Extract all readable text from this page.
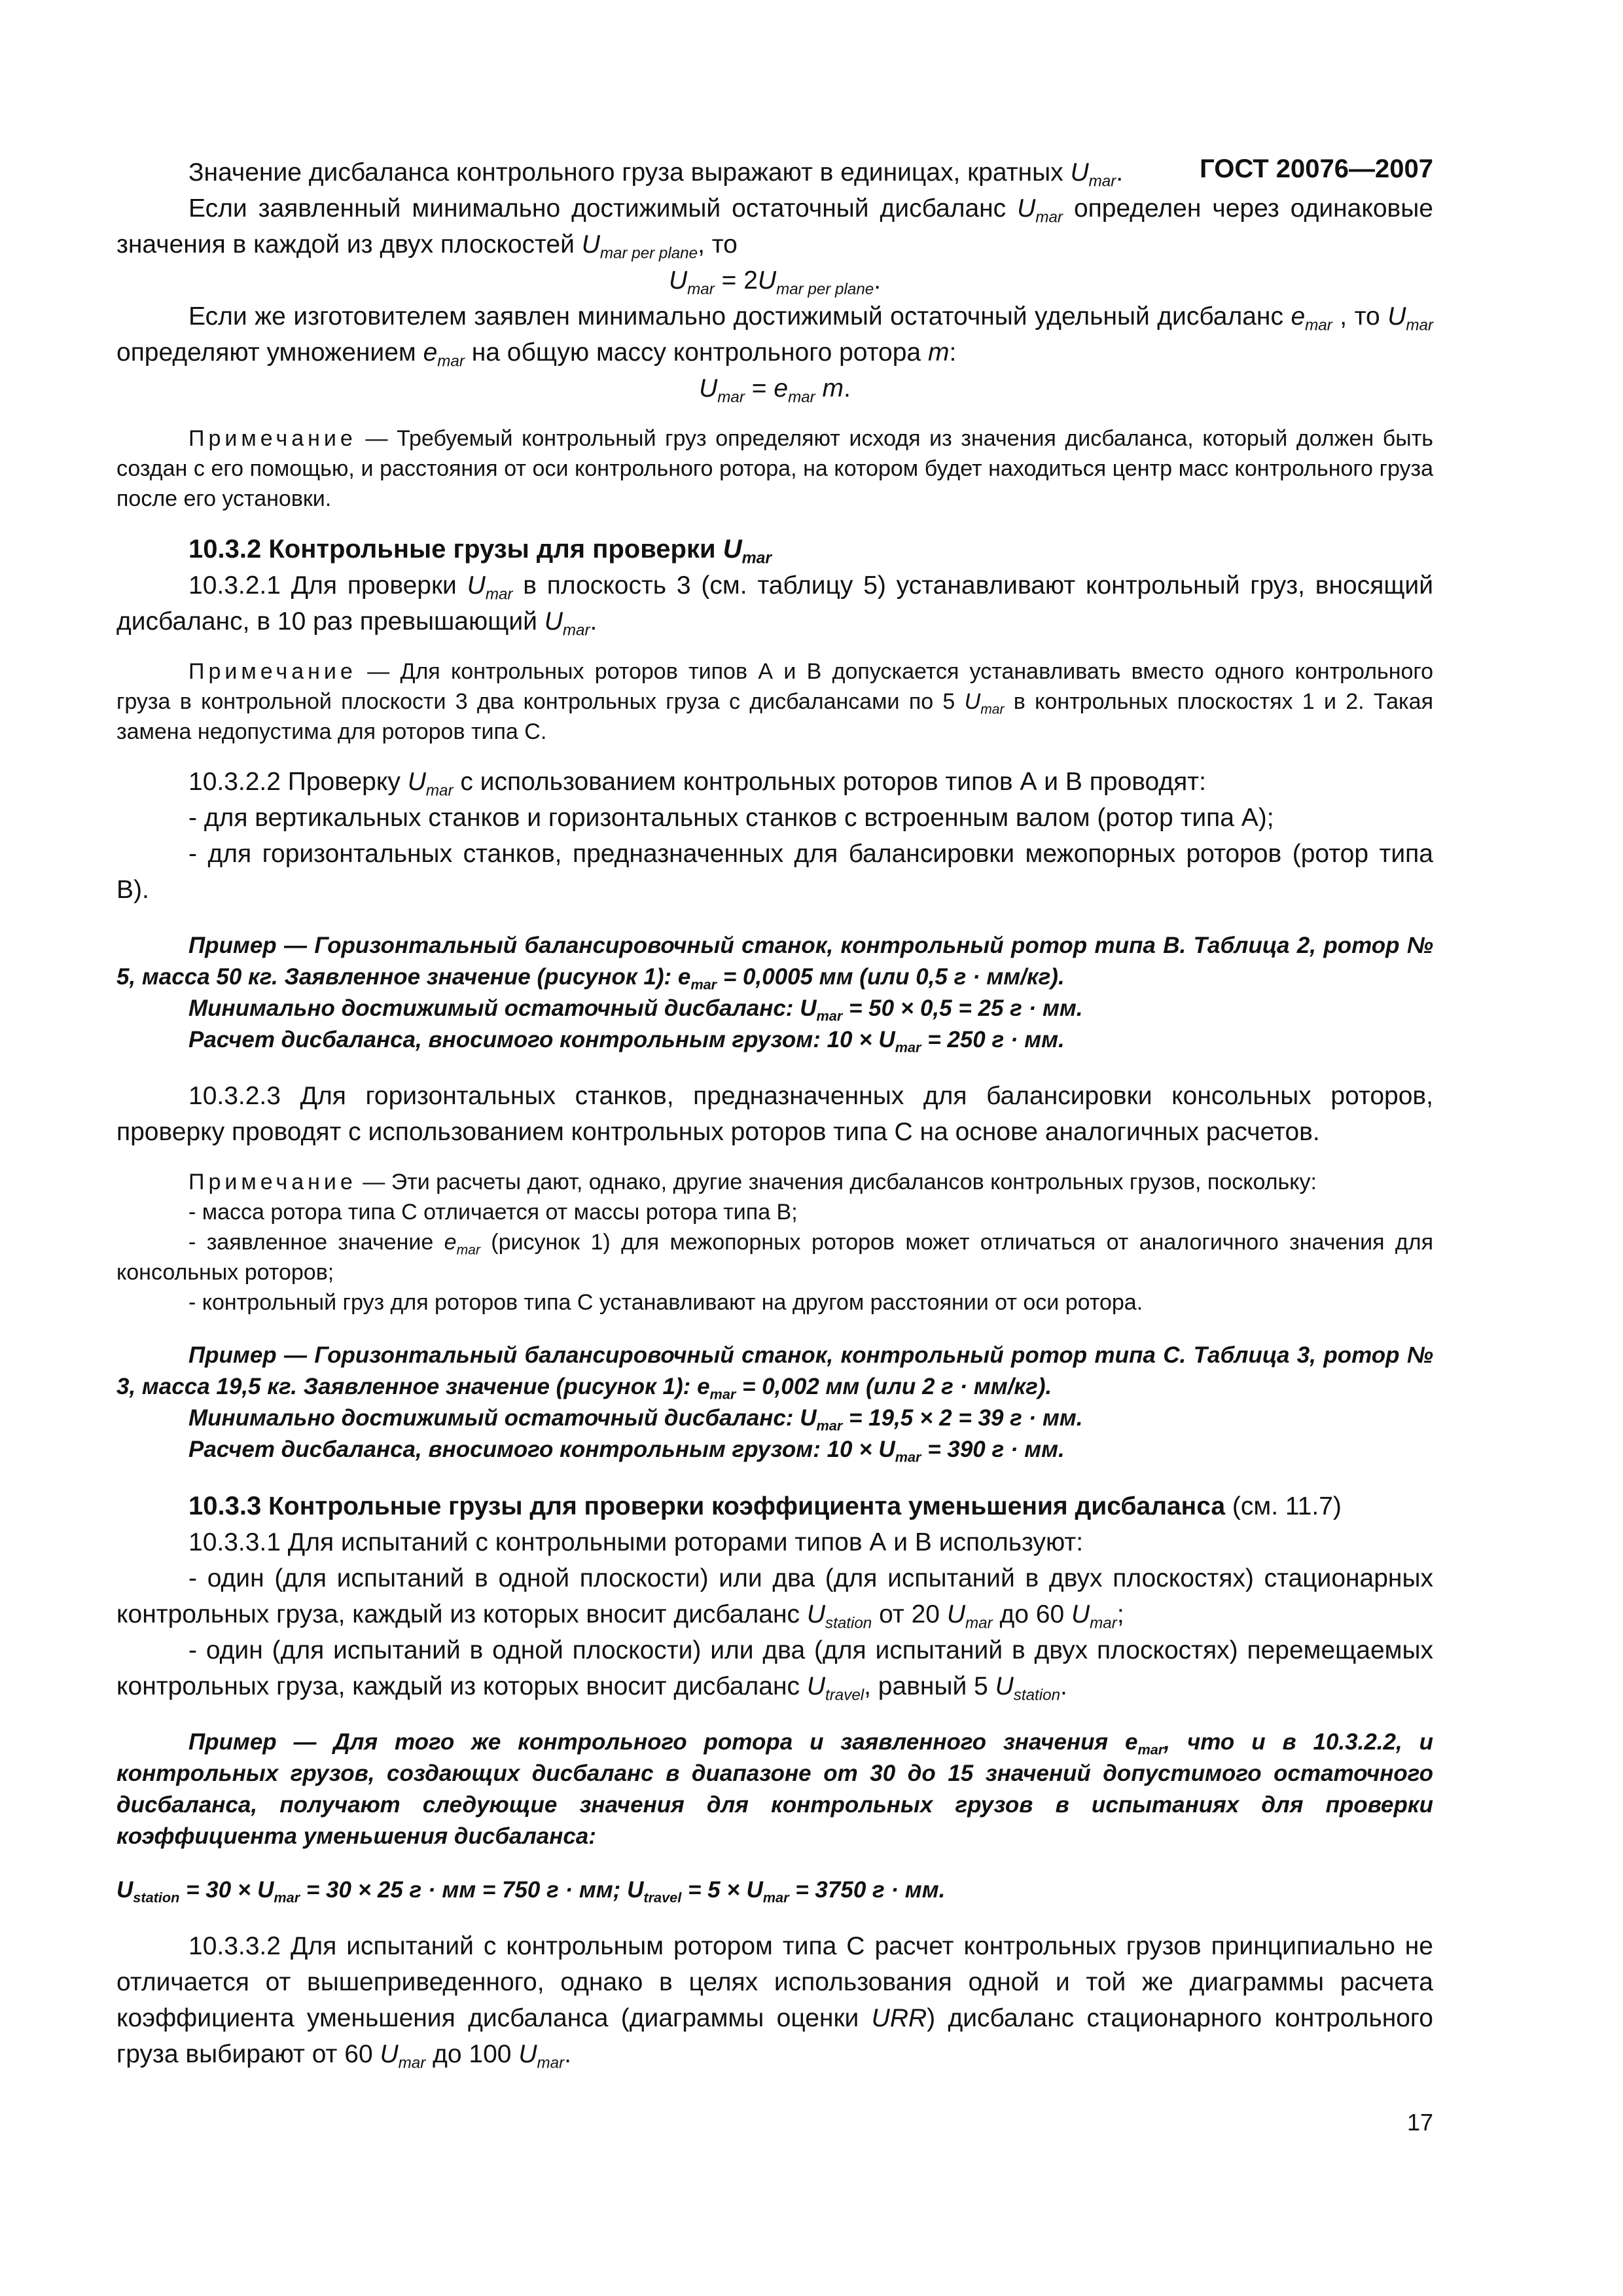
ГОСТ 20076—2007

Значение дисбаланса контрольного груза выражают в единицах, кратных $U_{mar}$.

Если заявленный минимально достижимый остаточный дисбаланс $U_{mar}$ определен через одинаковые значения в каждой из двух плоскостей $U_{mar per plane}$, то

$U_{mar} = 2U_{mar per plane}$.

Если же изготовителем заявлен минимально достижимый остаточный удельный дисбаланс $e_{mar}$ , то $U_{mar}$ определяют умножением $e_{mar}$ на общую массу контрольного ротора m:

$U_{mar} = e_{mar}$ m.

Примечание — Требуемый контрольный груз определяют исходя из значения дисбаланса, который должен быть создан с его помощью, и расстояния от оси контрольного ротора, на котором будет находиться центр масс контрольного груза после его установки.

10.3.2 Контрольные грузы для проверки $U_{mar}$

10.3.2.1 Для проверки $U_{mar}$ в плоскость 3 (см. таблицу 5) устанавливают контрольный груз, вносящий дисбаланс, в 10 раз превышающий $U_{mar}$.

Примечание — Для контрольных роторов типов А и В допускается устанавливать вместо одного контрольного груза в контрольной плоскости 3 два контрольных груза с дисбалансами по 5 $U_{mar}$ в контрольных плоскостях 1 и 2. Такая замена недопустима для роторов типа С.

10.3.2.2 Проверку $U_{mar}$ с использованием контрольных роторов типов А и В проводят:

- для вертикальных станков и горизонтальных станков с встроенным валом (ротор типа А);

- для горизонтальных станков, предназначенных для балансировки межопорных роторов (ротор типа В).

Пример — Горизонтальный балансировочный станок, контрольный ротор типа В. Таблица 2, ротор № 5, масса 50 кг. Заявленное значение (рисунок 1): $e_{mar} = 0,0005$ мм (или 0,5 г · мм/кг).

Минимально достижимый остаточный дисбаланс: $U_{mar} = 50 \times 0,5 = 25$ г · мм.

Расчет дисбаланса, вносимого контрольным грузом: $10 \times U_{mar} = 250$ г · мм.

10.3.2.3 Для горизонтальных станков, предназначенных для балансировки консольных роторов, проверку проводят с использованием контрольных роторов типа С на основе аналогичных расчетов.

Примечание — Эти расчеты дают, однако, другие значения дисбалансов контрольных грузов, поскольку:

- масса ротора типа С отличается от массы ротора типа В;

- заявленное значение $e_{mar}$ (рисунок 1) для межопорных роторов может отличаться от аналогичного значения для консольных роторов;

- контрольный груз для роторов типа С устанавливают на другом расстоянии от оси ротора.

Пример — Горизонтальный балансировочный станок, контрольный ротор типа С. Таблица 3, ротор № 3, масса 19,5 кг. Заявленное значение (рисунок 1): $e_{mar} = 0,002$ мм (или 2 г · мм/кг).

Минимально достижимый остаточный дисбаланс: $U_{mar} = 19,5 \times 2 = 39$ г · мм.

Расчет дисбаланса, вносимого контрольным грузом: $10 \times U_{mar} = 390$ г · мм.

10.3.3 Контрольные грузы для проверки коэффициента уменьшения дисбаланса (см. 11.7)

10.3.3.1 Для испытаний с контрольными роторами типов А и В используют:

- один (для испытаний в одной плоскости) или два (для испытаний в двух плоскостях) стационарных контрольных груза, каждый из которых вносит дисбаланс $U_{station}$ от 20 $U_{mar}$ до 60 $U_{mar}$;

- один (для испытаний в одной плоскости) или два (для испытаний в двух плоскостях) перемещаемых контрольных груза, каждый из которых вносит дисбаланс $U_{travel}$, равный 5 $U_{station}$.

Пример — Для того же контрольного ротора и заявленного значения $e_{mar}$, что и в 10.3.2.2, и контрольных грузов, создающих дисбаланс в диапазоне от 30 до 15 значений допустимого остаточного дисбаланса, получают следующие значения для контрольных грузов в испытаниях для проверки коэффициента уменьшения дисбаланса:

$U_{station} = 30 \times U_{mar} = 30 \times 25$ г · мм = 750 г · мм; $U_{travel} = 5 \times U_{mar} = 3750$ г · мм.

10.3.3.2 Для испытаний с контрольным ротором типа С расчет контрольных грузов принципиально не отличается от вышеприведенного, однако в целях использования одной и той же диаграммы расчета коэффициента уменьшения дисбаланса (диаграммы оценки URR) дисбаланс стационарного контрольного груза выбирают от 60 $U_{mar}$ до 100 $U_{mar}$.

17
